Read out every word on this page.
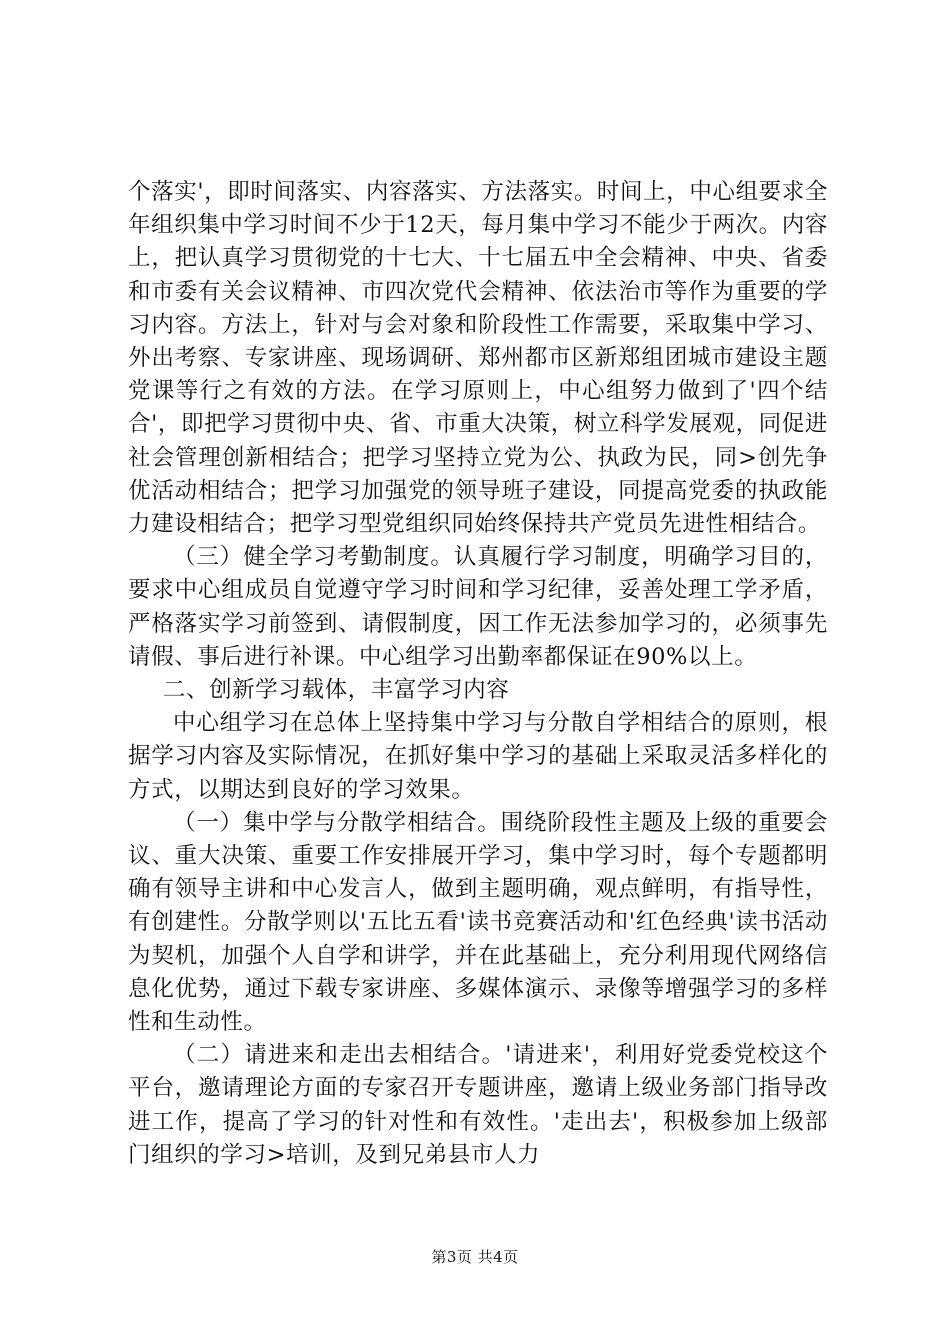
个落实'，即时间落实、内容落实、方法落实。时间上，中心组要求全年组织集中学习时间不少于12天，每月集中学习不能少于两次。内容上，把认真学习贯彻党的十七大、十七届五中全会精神、中央、省委和市委有关会议精神、市四次党代会精神、依法治市等作为重要的学习内容。方法上，针对与会对象和阶段性工作需要，采取集中学习、外出考察、专家讲座、现场调研、郑州都市区新郑组团城市建设主题党课等行之有效的方法。在学习原则上，中心组努力做到了'四个结合'，即把学习贯彻中央、省、市重大决策，树立科学发展观，同促进社会管理创新相结合；把学习坚持立党为公、执政为民，同>创先争优活动相结合；把学习加强党的领导班子建设，同提高党委的执政能力建设相结合；把学习型党组织同始终保持共产党员先进性相结合。

（三）健全学习考勤制度。认真履行学习制度，明确学习目的，要求中心组成员自觉遵守学习时间和学习纪律，妥善处理工学矛盾，严格落实学习前签到、请假制度，因工作无法参加学习的，必须事先请假、事后进行补课。中心组学习出勤率都保证在90%以上。

二、创新学习载体，丰富学习内容

中心组学习在总体上坚持集中学习与分散自学相结合的原则，根据学习内容及实际情况，在抓好集中学习的基础上采取灵活多样化的方式，以期达到良好的学习效果。

（一）集中学与分散学相结合。围绕阶段性主题及上级的重要会议、重大决策、重要工作安排展开学习，集中学习时，每个专题都明确有领导主讲和中心发言人，做到主题明确，观点鲜明，有指导性，有创建性。分散学则以'五比五看'读书竞赛活动和'红色经典'读书活动为契机，加强个人自学和讲学，并在此基础上，充分利用现代网络信息化优势，通过下载专家讲座、多媒体演示、录像等增强学习的多样性和生动性。

（二）请进来和走出去相结合。'请进来'，利用好党委党校这个平台，邀请理论方面的专家召开专题讲座，邀请上级业务部门指导改进工作，提高了学习的针对性和有效性。'走出去'，积极参加上级部门组织的学习>培训，及到兄弟县市人力

第3页 共4页
